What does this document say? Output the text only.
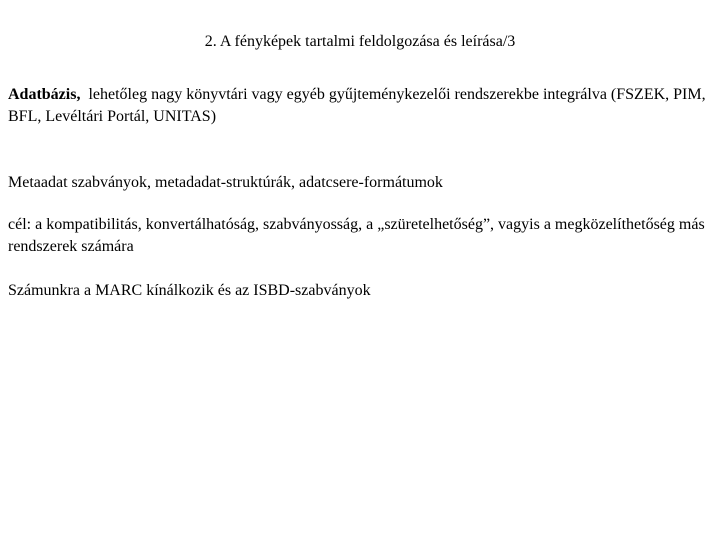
2. A fényképek tartalmi feldolgozása és leírása/3
Adatbázis,  lehetőleg nagy könyvtári vagy egyéb gyűjteménykezelői rendszerekbe integrálva (FSZEK, PIM, BFL, Levéltári Portál, UNITAS)
Metaadat szabványok, metadadat-struktúrák, adatcsere-formátumok
cél: a kompatibilitás, konvertálhatóság, szabványosság, a „szüretelhetőség”, vagyis a megközelíthetőség más rendszerek számára
Számunkra a MARC kínálkozik és az ISBD-szabványok
